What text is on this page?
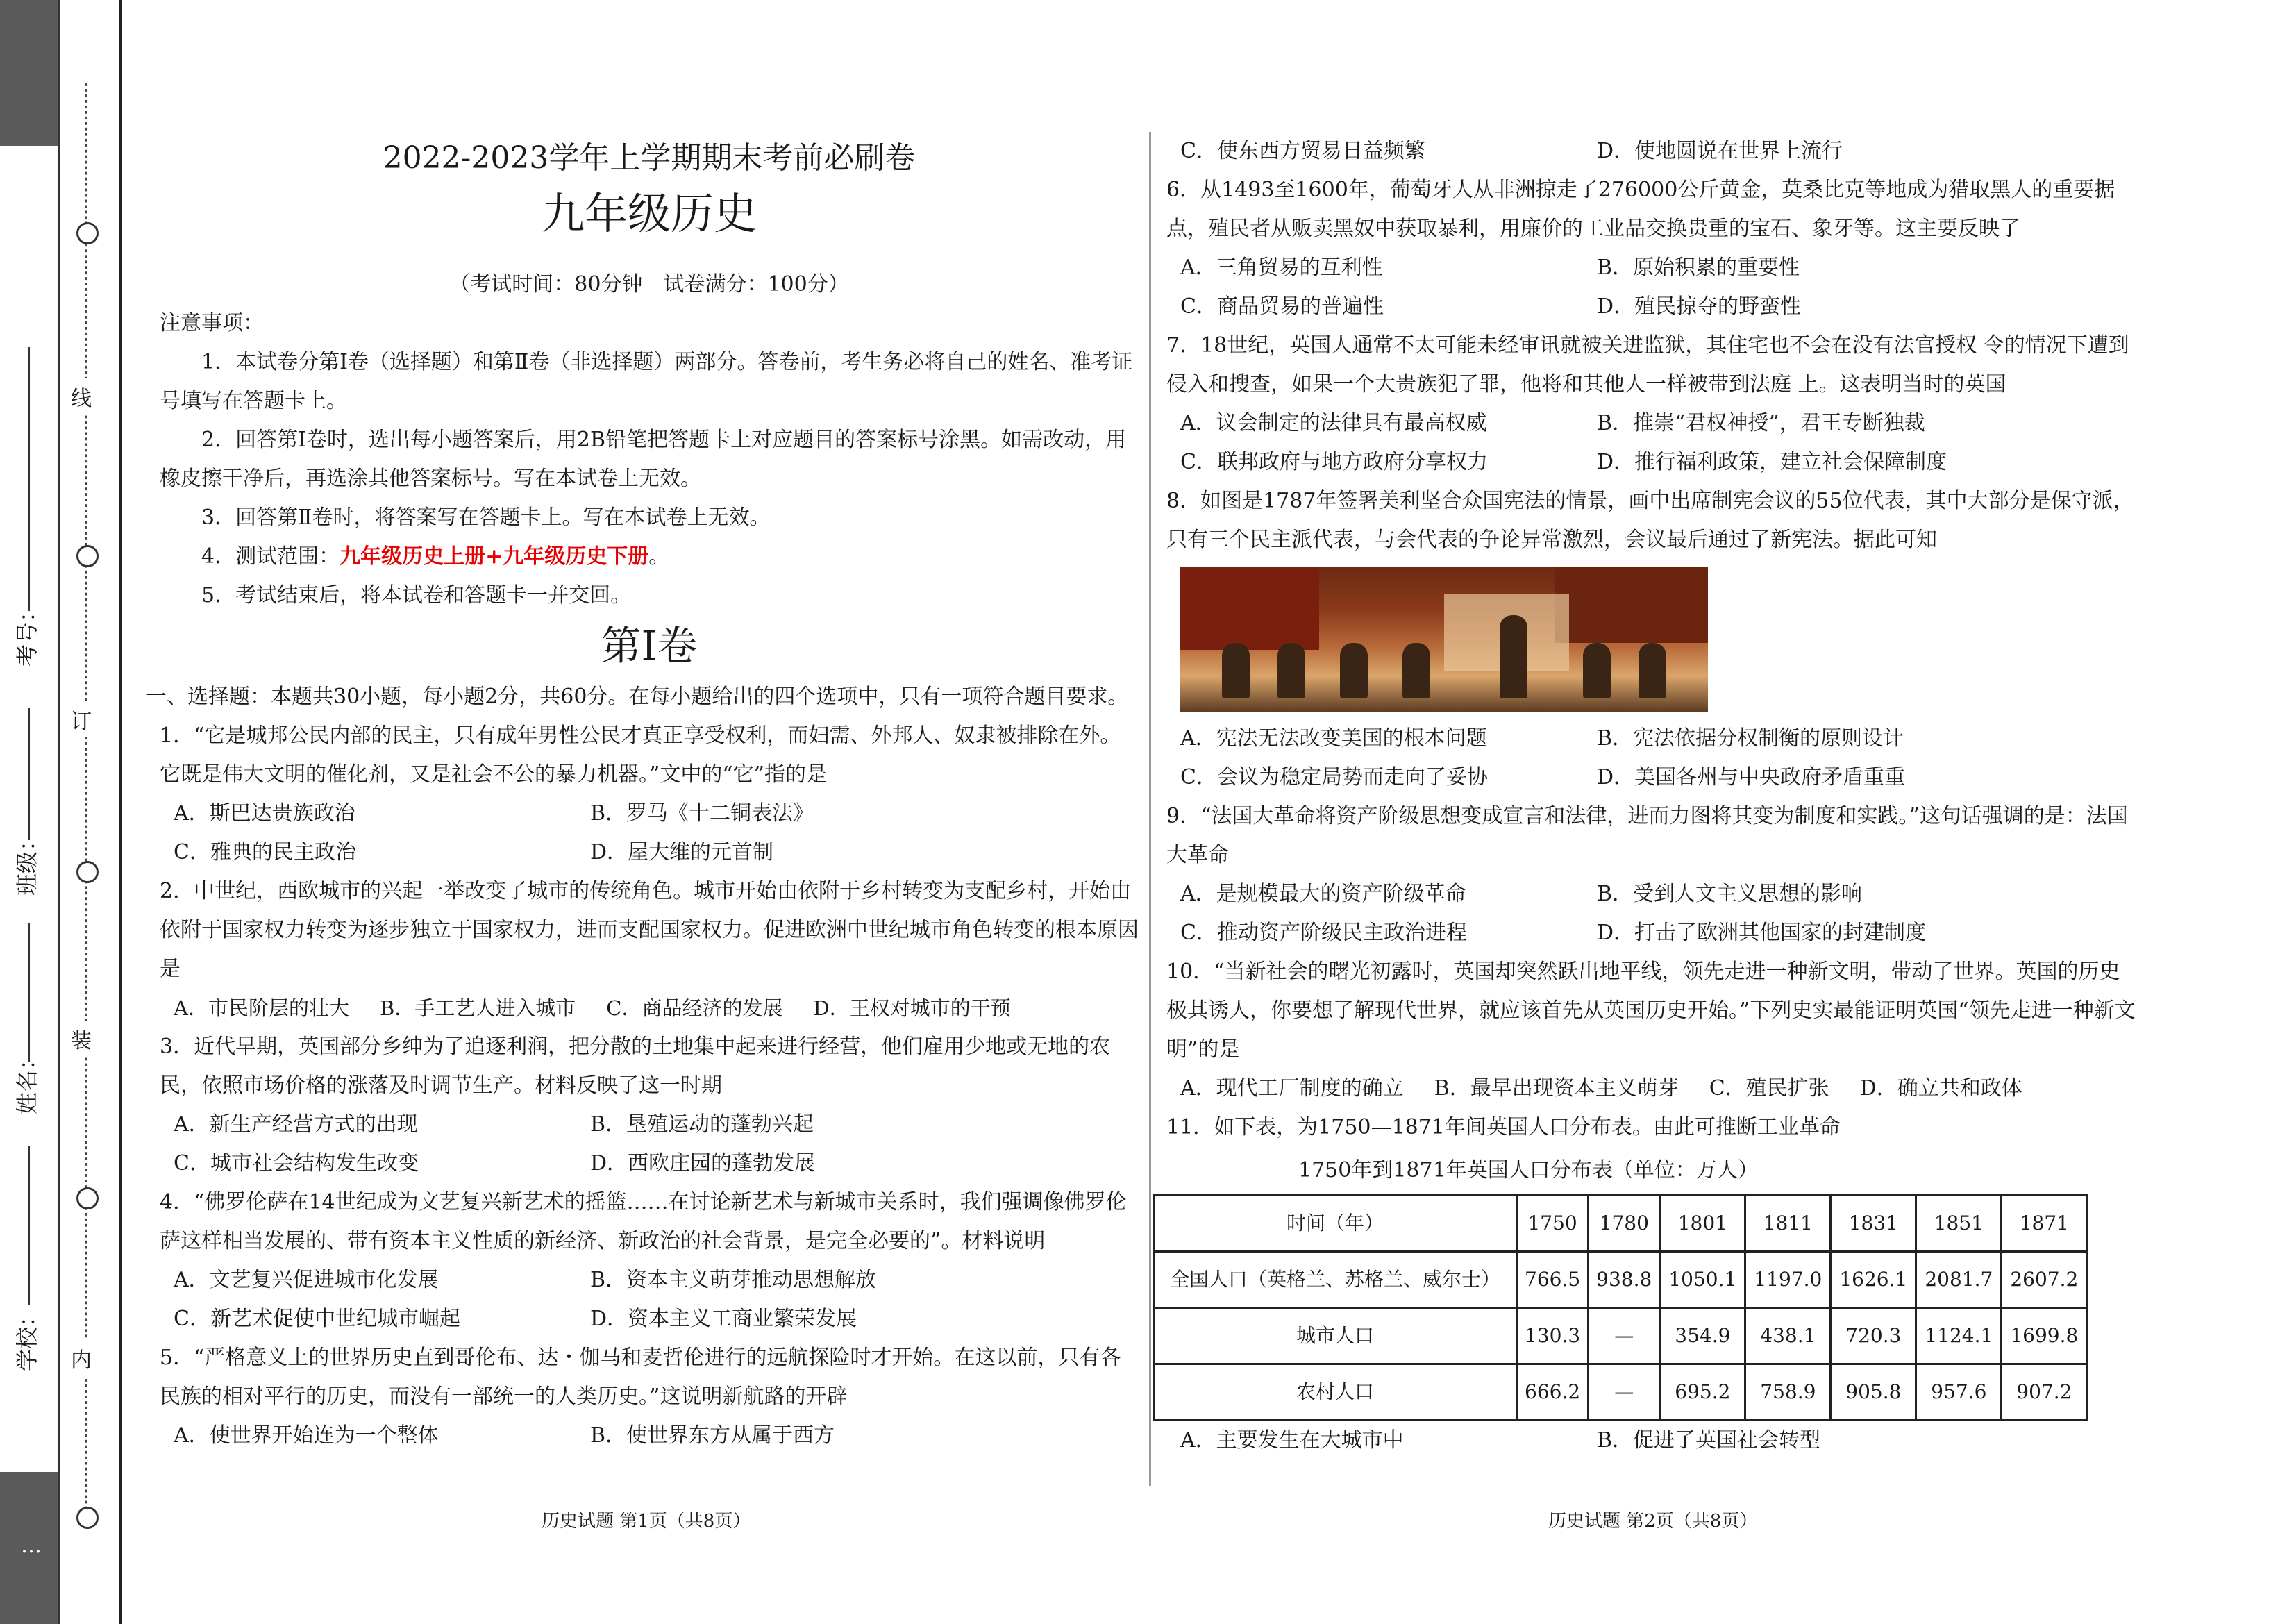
线
订
装
内
…
学校：
姓名：
班级：
考号：
2022-2023学年上学期期末考前必刷卷
九年级历史
（考试时间：80分钟　试卷满分：100分）

注意事项：

1．本试卷分第Ⅰ卷（选择题）和第Ⅱ卷（非选择题）两部分。答卷前，考生务必将自己的姓名、准考证号填写在答题卡上。

2．回答第Ⅰ卷时，选出每小题答案后，用2B铅笔把答题卡上对应题目的答案标号涂黑。如需改动，用橡皮擦干净后，再选涂其他答案标号。写在本试卷上无效。

3．回答第Ⅱ卷时，将答案写在答题卡上。写在本试卷上无效。

4．测试范围：九年级历史上册+九年级历史下册。

5．考试结束后，将本试卷和答题卡一并交回。

第Ⅰ卷

一、选择题：本题共30小题，每小题2分，共60分。在每小题给出的四个选项中，只有一项符合题目要求。

1．“它是城邦公民内部的民主，只有成年男性公民才真正享受权利，而妇需、外邦人、奴隶被排除在外。它既是伟大文明的催化剂，又是社会不公的暴力机器。”文中的“它”指的是

A．斯巴达贵族政治	B．罗马《十二铜表法》
C．雅典的民主政治	D．屋大维的元首制

2．中世纪，西欧城市的兴起一举改变了城市的传统角色。城市开始由依附于乡村转变为支配乡村，开始由依附于国家权力转变为逐步独立于国家权力，进而支配国家权力。促进欧洲中世纪城市角色转变的根本原因是

A．市民阶层的壮大 B．手工艺人进入城市 C．商品经济的发展 D．王权对城市的干预

3．近代早期，英国部分乡绅为了追逐利润，把分散的土地集中起来进行经营，他们雇用少地或无地的农民，依照市场价格的涨落及时调节生产。材料反映了这一时期

A．新生产经营方式的出现	B．垦殖运动的蓬勃兴起
C．城市社会结构发生改变	D．西欧庄园的蓬勃发展

4．“佛罗伦萨在14世纪成为文艺复兴新艺术的摇篮……在讨论新艺术与新城市关系时，我们强调像佛罗伦萨这样相当发展的、带有资本主义性质的新经济、新政治的社会背景，是完全必要的”。材料说明

A．文艺复兴促进城市化发展	B．资本主义萌芽推动思想解放
C．新艺术促使中世纪城市崛起	D．资本主义工商业繁荣发展

5．“严格意义上的世界历史直到哥伦布、达・伽马和麦哲伦进行的远航探险时才开始。在这以前，只有各民族的相对平行的历史，而没有一部统一的人类历史。”这说明新航路的开辟

A．使世界开始连为一个整体	B．使世界东方从属于西方
C．使东西方贸易日益频繁	D．使地圆说在世界上流行

6．从1493至1600年，葡萄牙人从非洲掠走了276000公斤黄金，莫桑比克等地成为猎取黑人的重要据点，殖民者从贩卖黑奴中获取暴利，用廉价的工业品交换贵重的宝石、象牙等。这主要反映了

A．三角贸易的互利性	B．原始积累的重要性
C．商品贸易的普遍性	D．殖民掠夺的野蛮性

7．18世纪，英国人通常不太可能未经审讯就被关进监狱，其住宅也不会在没有法官授权 令的情况下遭到侵入和搜查，如果一个大贵族犯了罪，他将和其他人一样被带到法庭 上。这表明当时的英国

A．议会制定的法律具有最高权威	B．推崇“君权神授”，君王专断独裁
C．联邦政府与地方政府分享权力	D．推行福利政策，建立社会保障制度

8．如图是1787年签署美利坚合众国宪法的情景，画中出席制宪会议的55位代表，其中大部分是保守派，只有三个民主派代表，与会代表的争论异常激烈，会议最后通过了新宪法。据此可知

A．宪法无法改变美国的根本问题	B．宪法依据分权制衡的原则设计
C．会议为稳定局势而走向了妥协	D．美国各州与中央政府矛盾重重

9．“法国大革命将资产阶级思想变成宣言和法律，进而力图将其变为制度和实践。”这句话强调的是：法国大革命

A．是规模最大的资产阶级革命	B．受到人文主义思想的影响
C．推动资产阶级民主政治进程	D．打击了欧洲其他国家的封建制度

10．“当新社会的曙光初露时，英国却突然跃出地平线，领先走进一种新文明，带动了世界。英国的历史极其诱人，你要想了解现代世界，就应该首先从英国历史开始。”下列史实最能证明英国“领先走进一种新文明”的是

A．现代工厂制度的确立 B．最早出现资本主义萌芽 C．殖民扩张 D．确立共和政体

11．如下表，为1750—1871年间英国人口分布表。由此可推断工业革命

1750年到1871年英国人口分布表（单位：万人）
时间（年）	1750	1780	1801	1811	1831	1851	1871
全国人口（英格兰、苏格兰、威尔士）	766.5	938.8	1050.1	1197.0	1626.1	2081.7	2607.2
城市人口	130.3	—	354.9	438.1	720.3	1124.1	1699.8
农村人口	666.2	—	695.2	758.9	905.8	957.6	907.2
A．主要发生在大城市中	B．促进了英国社会转型
历史试题 第1页（共8页）	历史试题 第2页（共8页）
